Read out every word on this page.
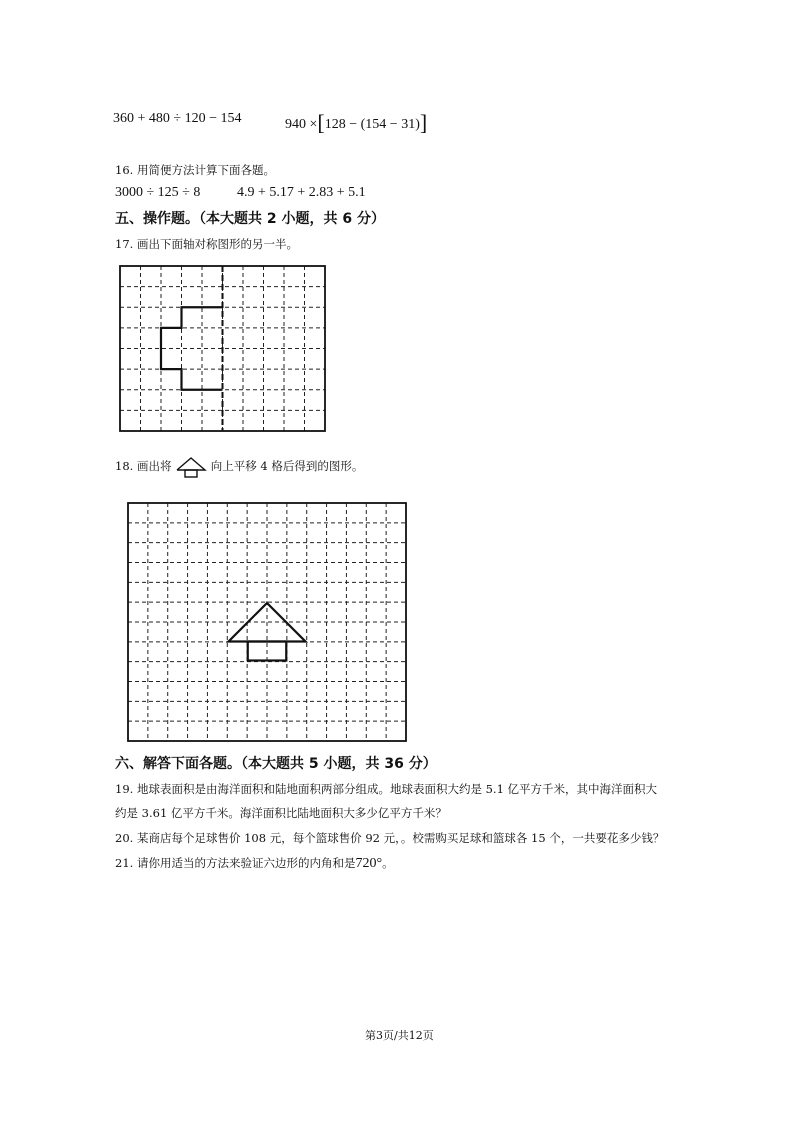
360 + 480 ÷ 120 − 154	940 ×[128 − (154 − 31)]
16. 用简便方法计算下面各题。
3000 ÷ 125 ÷ 8	4.9 + 5.17 + 2.83 + 5.1
五、操作题。（本大题共 2 小题，共 6 分）
17. 画出下面轴对称图形的另一半。
18. 画出将	向上平移 4 格后得到的图形。
六、解答下面各题。（本大题共 5 小题，共 36 分）
19. 地球表面积是由海洋面积和陆地面积两部分组成。地球表面积大约是 5.1 亿平方千米，其中海洋面积大
约是 3.61 亿平方千米。海洋面积比陆地面积大多少亿平方千米？
20. 某商店每个足球售价 108 元，每个篮球售价 92 元，。校需购买足球和篮球各 15 个，一共要花多少钱？
21. 请你用适当的方法来验证六边形的内角和是720°。
第3页/共12页
